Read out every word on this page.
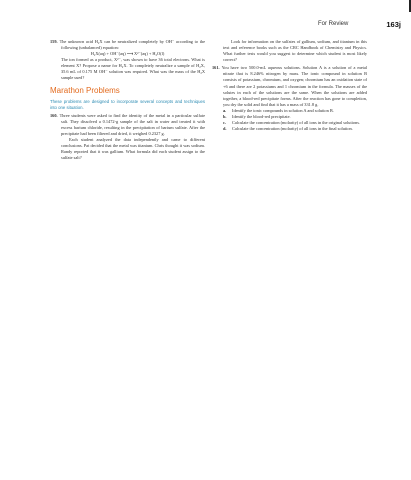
For Review	163j

159. The unknown acid H₂X can be neutralized completely by OH⁻ according to the following (unbalanced) equation:

H₂X(aq) + OH⁻(aq) ⟶ X²⁻(aq) + H₂O(l)

The ion formed as a product, X²⁻, was shown to have 36 total electrons. What is element X? Propose a name for H₂X. To completely neutralize a sample of H₂X, 35.6 mL of 0.175 M OH⁻ solution was required. What was the mass of the H₂X sample used?

Marathon Problems
These problems are designed to incorporate several concepts and techniques into one situation.

160. Three students were asked to find the identity of the metal in a particular sulfate salt. They dissolved a 0.1472-g sample of the salt in water and treated it with excess barium chloride, resulting in the precipitation of barium sulfate. After the precipitate had been filtered and dried, it weighed 0.2327 g.

Each student analyzed the data independently and came to different conclusions. Pat decided that the metal was titanium. Chris thought it was sodium. Randy reported that it was gallium. What formula did each student assign to the sulfate salt?

Look for information on the sulfates of gallium, sodium, and titanium in this text and reference books such as the CRC Handbook of Chemistry and Physics. What further tests would you suggest to determine which student is most likely correct?

161. You have two 500.0-mL aqueous solutions. Solution A is a solution of a metal nitrate that is 8.246% nitrogen by mass. The ionic compound in solution B consists of potassium, chromium, and oxygen; chromium has an oxidation state of +6 and there are 2 potassiums and 1 chromium in the formula. The masses of the solutes in each of the solutions are the same. When the solutions are added together, a blood-red precipitate forms. After the reaction has gone to completion, you dry the solid and find that it has a mass of 331.8 g.

a.	Identify the ionic compounds in solution A and solution B.
b.	Identify the blood-red precipitate.
c.	Calculate the concentration (molarity) of all ions in the original solutions.
d.	Calculate the concentration (molarity) of all ions in the final solution.
